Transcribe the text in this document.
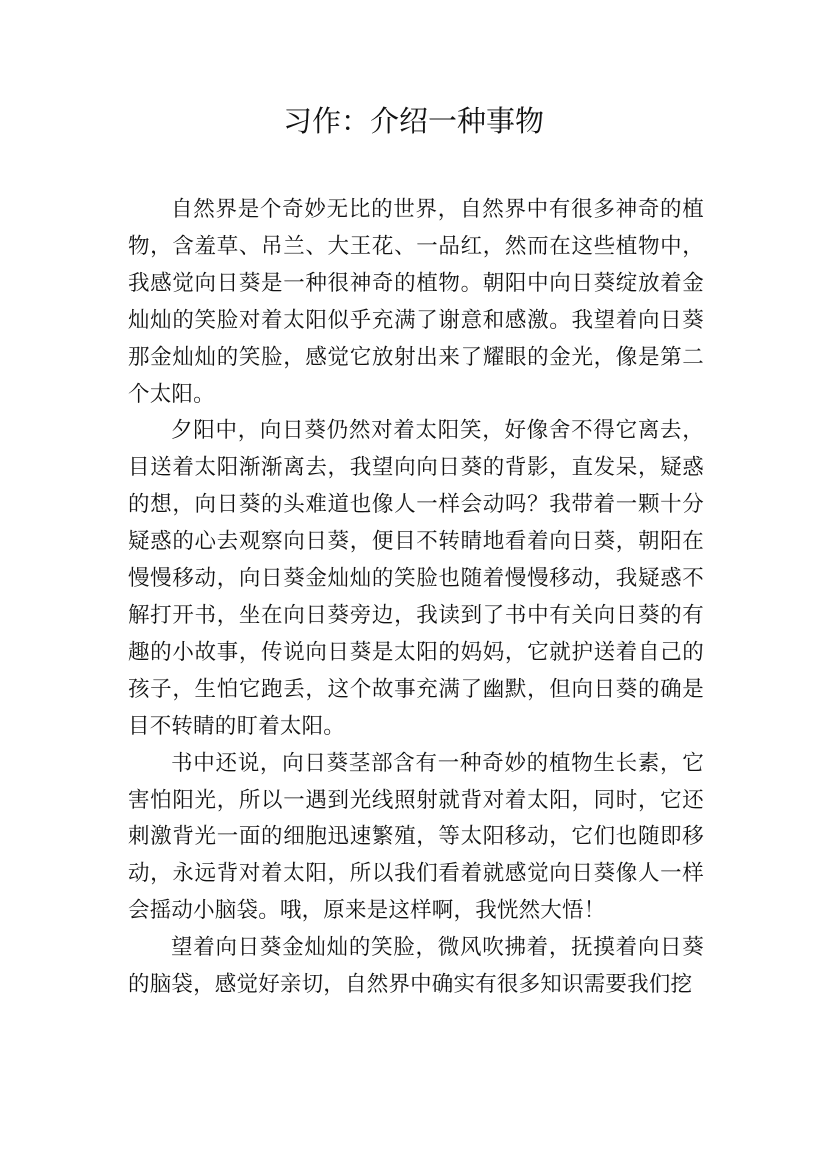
习作：介绍一种事物

自然界是个奇妙无比的世界，自然界中有很多神奇的植物，含羞草、吊兰、大王花、一品红，然而在这些植物中，我感觉向日葵是一种很神奇的植物。朝阳中向日葵绽放着金灿灿的笑脸对着太阳似乎充满了谢意和感激。我望着向日葵那金灿灿的笑脸，感觉它放射出来了耀眼的金光，像是第二个太阳。

夕阳中，向日葵仍然对着太阳笑，好像舍不得它离去，目送着太阳渐渐离去，我望向向日葵的背影，直发呆，疑惑的想，向日葵的头难道也像人一样会动吗？我带着一颗十分疑惑的心去观察向日葵，便目不转睛地看着向日葵，朝阳在慢慢移动，向日葵金灿灿的笑脸也随着慢慢移动，我疑惑不解打开书，坐在向日葵旁边，我读到了书中有关向日葵的有趣的小故事，传说向日葵是太阳的妈妈，它就护送着自己的孩子，生怕它跑丢，这个故事充满了幽默，但向日葵的确是目不转睛的盯着太阳。

书中还说，向日葵茎部含有一种奇妙的植物生长素，它害怕阳光，所以一遇到光线照射就背对着太阳，同时，它还刺激背光一面的细胞迅速繁殖，等太阳移动，它们也随即移动，永远背对着太阳，所以我们看着就感觉向日葵像人一样会摇动小脑袋。哦，原来是这样啊，我恍然大悟！

望着向日葵金灿灿的笑脸，微风吹拂着，抚摸着向日葵的脑袋，感觉好亲切，自然界中确实有很多知识需要我们挖
